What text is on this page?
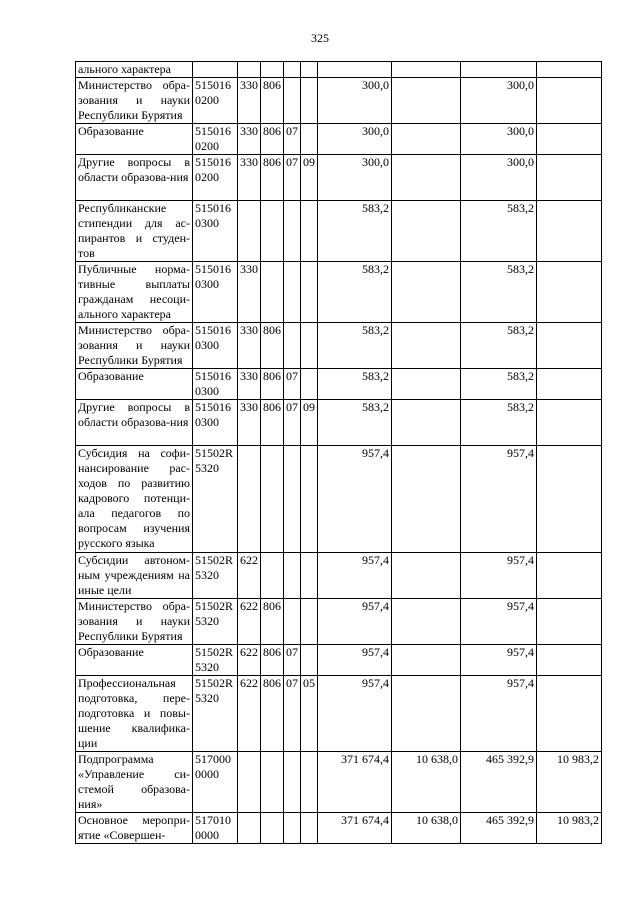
325
ального характера									
Министерство обра-зования и науки Республики Бурятия	515016 0200	330	806			300,0		300,0	
Образование	515016 0200	330	806	07		300,0		300,0	
Другие вопросы в области образова-ния	515016 0200	330	806	07	09	300,0		300,0	
Республиканские стипендии для ас-пирантов и студен-тов	515016 0300					583,2		583,2	
Публичные норма-тивные выплаты гражданам несоци-ального характера	515016 0300	330				583,2		583,2	
Министерство обра-зования и науки Республики Бурятия	515016 0300	330	806			583,2		583,2	
Образование	515016 0300	330	806	07		583,2		583,2	
Другие вопросы в области образова-ния	515016 0300	330	806	07	09	583,2		583,2	
Субсидия на софи-нансирование рас-ходов по развитию кадрового потенци-ала педагогов по вопросам изучения русского языка	51502R 5320					957,4		957,4	
Субсидии автоном-ным учреждениям на иные цели	51502R 5320	622				957,4		957,4	
Министерство обра-зования и науки Республики Бурятия	51502R 5320	622	806			957,4		957,4	
Образование	51502R 5320	622	806	07		957,4		957,4	
Профессиональная подготовка, пере-подготовка и повы-шение квалифика-ции	51502R 5320	622	806	07	05	957,4		957,4	
Подпрограмма «Управление си-стемой образова-ния»	517000 0000					371 674,4	10 638,0	465 392,9	10 983,2
Основное меропри-ятие «Совершен-	517010 0000					371 674,4	10 638,0	465 392,9	10 983,2
